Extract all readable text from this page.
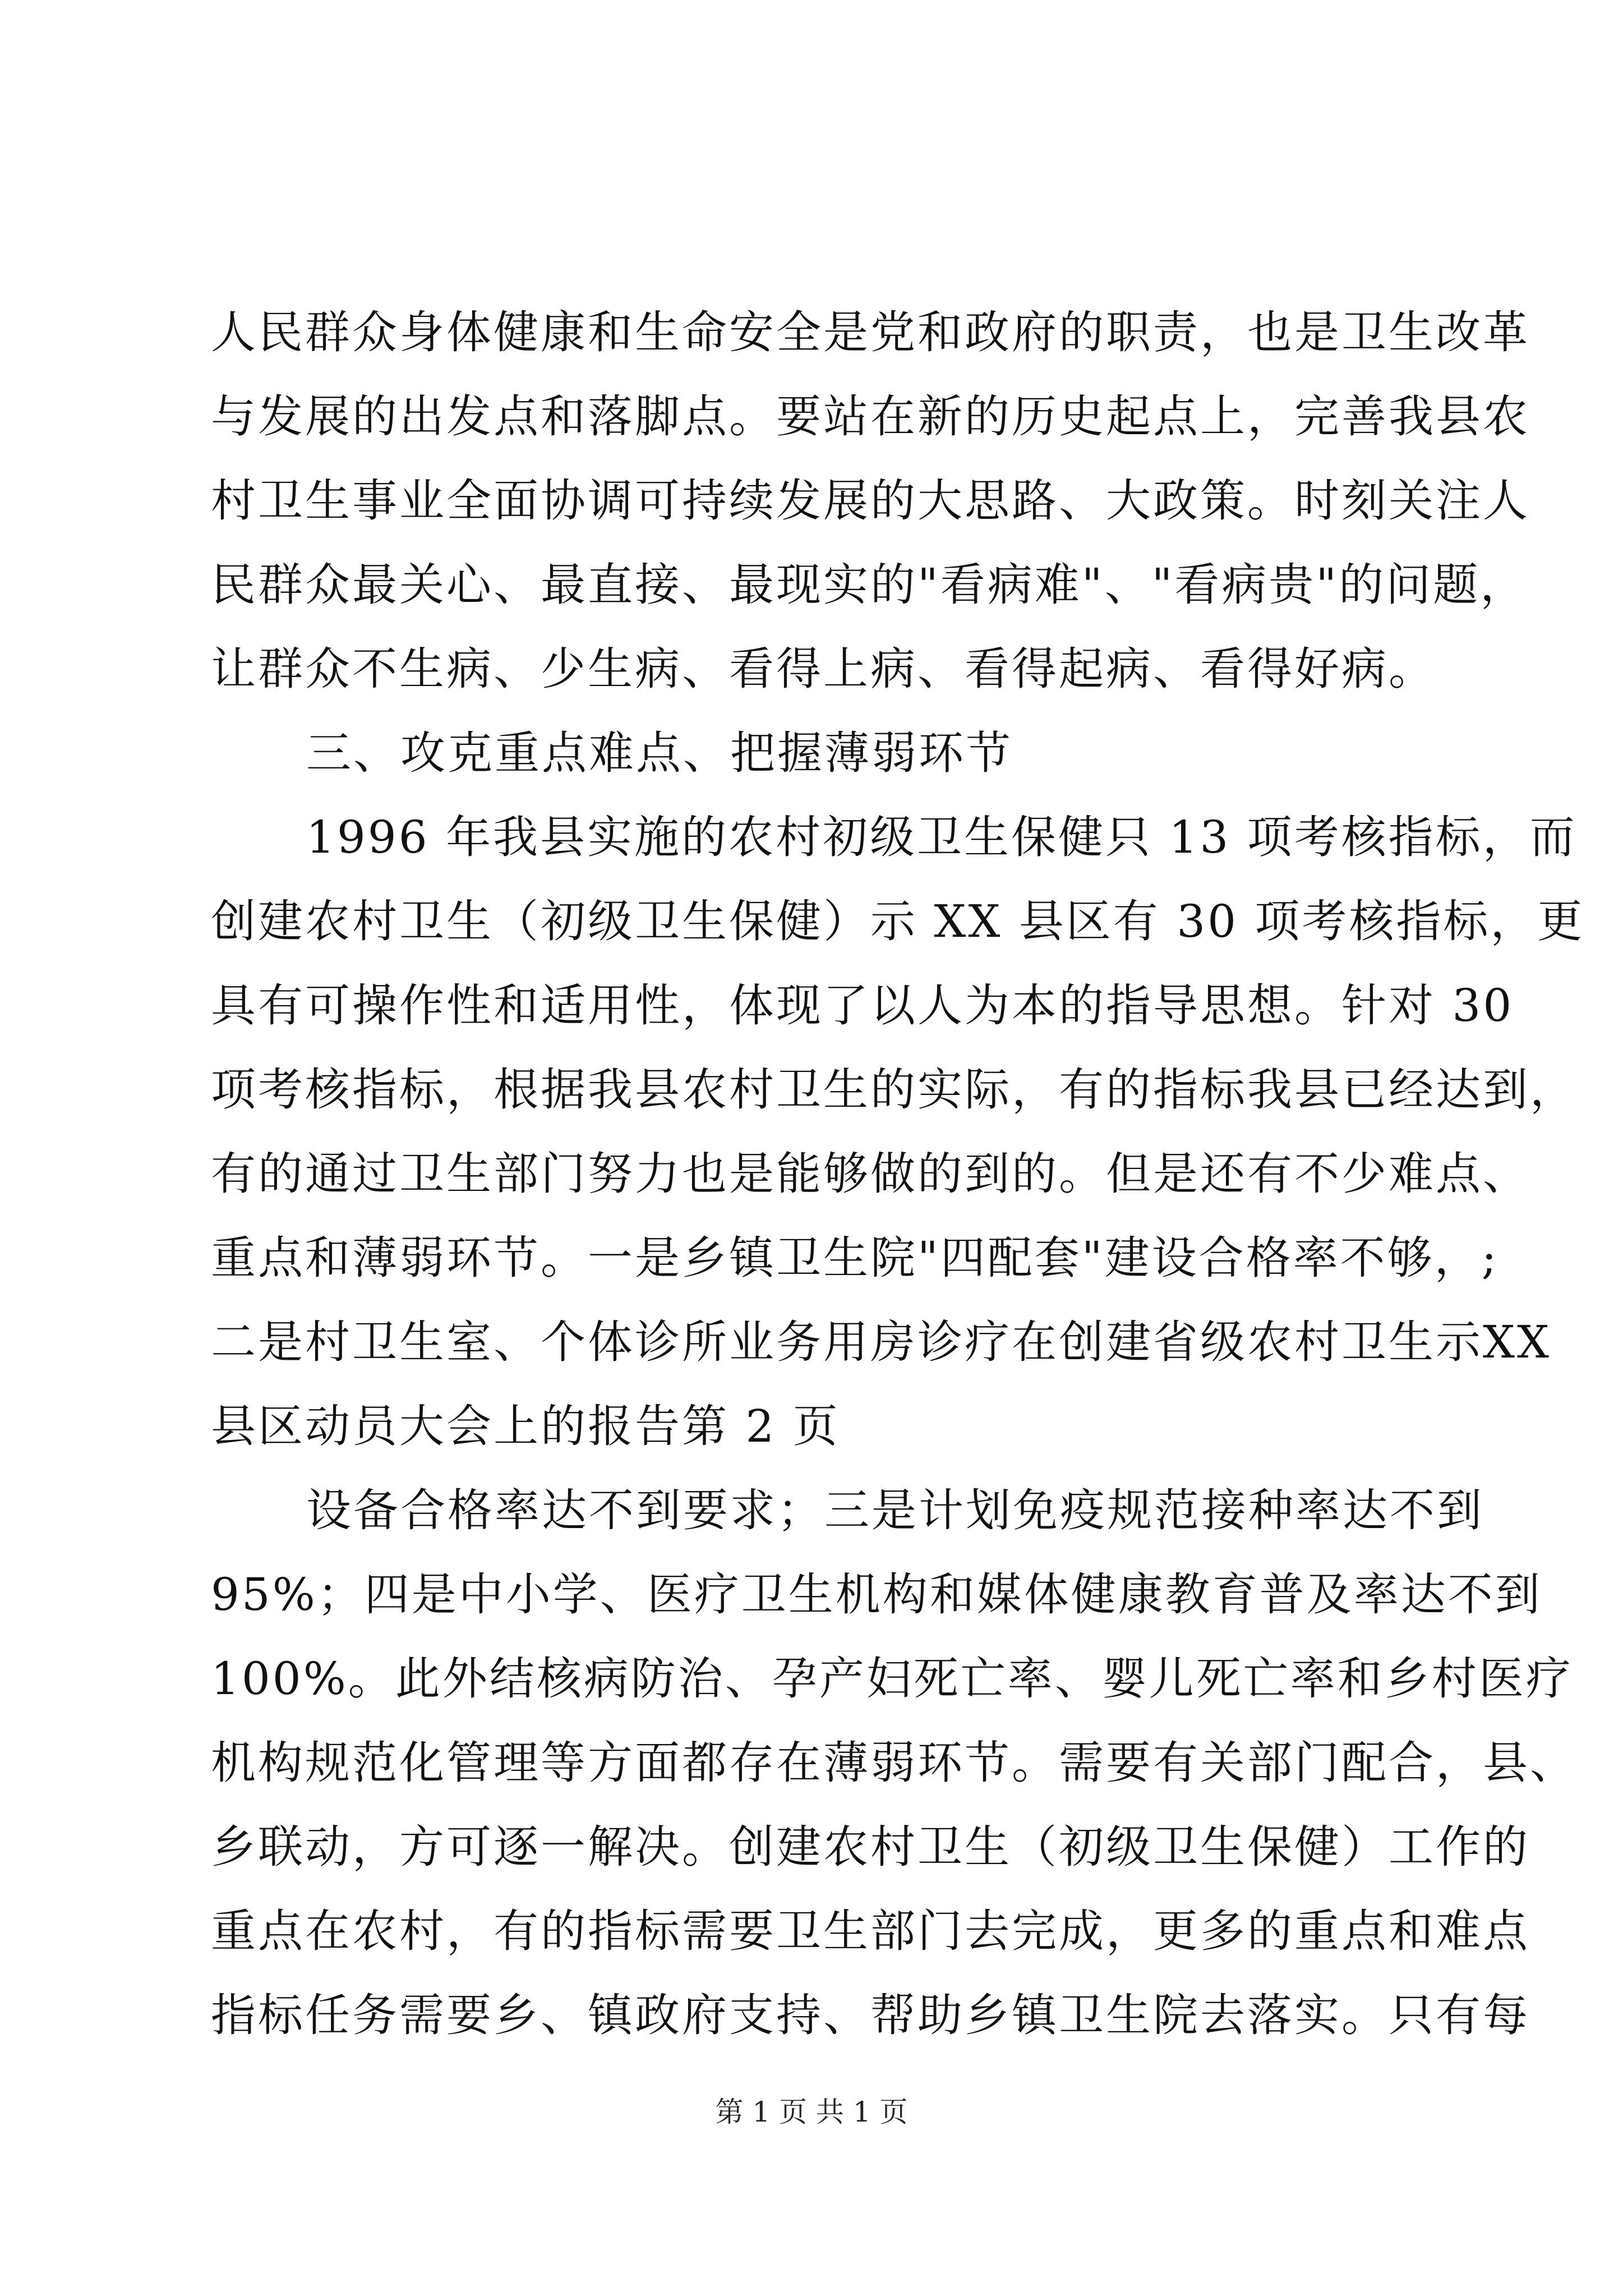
人民群众身体健康和生命安全是党和政府的职责，也是卫生改革
与发展的出发点和落脚点。要站在新的历史起点上，完善我县农
村卫生事业全面协调可持续发展的大思路、大政策。时刻关注人
民群众最关心、最直接、最现实的"看病难"、"看病贵"的问题，
让群众不生病、少生病、看得上病、看得起病、看得好病。
三、攻克重点难点、把握薄弱环节
1996 年我县实施的农村初级卫生保健只 13 项考核指标，而
创建农村卫生（初级卫生保健）示 XX 县区有 30 项考核指标，更
具有可操作性和适用性，体现了以人为本的指导思想。针对 30
项考核指标，根据我县农村卫生的实际，有的指标我县已经达到，
有的通过卫生部门努力也是能够做的到的。但是还有不少难点、
重点和薄弱环节。一是乡镇卫生院"四配套"建设合格率不够，;
二是村卫生室、个体诊所业务用房诊疗在创建省级农村卫生示XX
县区动员大会上的报告第 2 页
设备合格率达不到要求；三是计划免疫规范接种率达不到
95%；四是中小学、医疗卫生机构和媒体健康教育普及率达不到
100%。此外结核病防治、孕产妇死亡率、婴儿死亡率和乡村医疗
机构规范化管理等方面都存在薄弱环节。需要有关部门配合，县、
乡联动，方可逐一解决。创建农村卫生（初级卫生保健）工作的
重点在农村，有的指标需要卫生部门去完成，更多的重点和难点
指标任务需要乡、镇政府支持、帮助乡镇卫生院去落实。只有每
第 1 页 共 1 页
